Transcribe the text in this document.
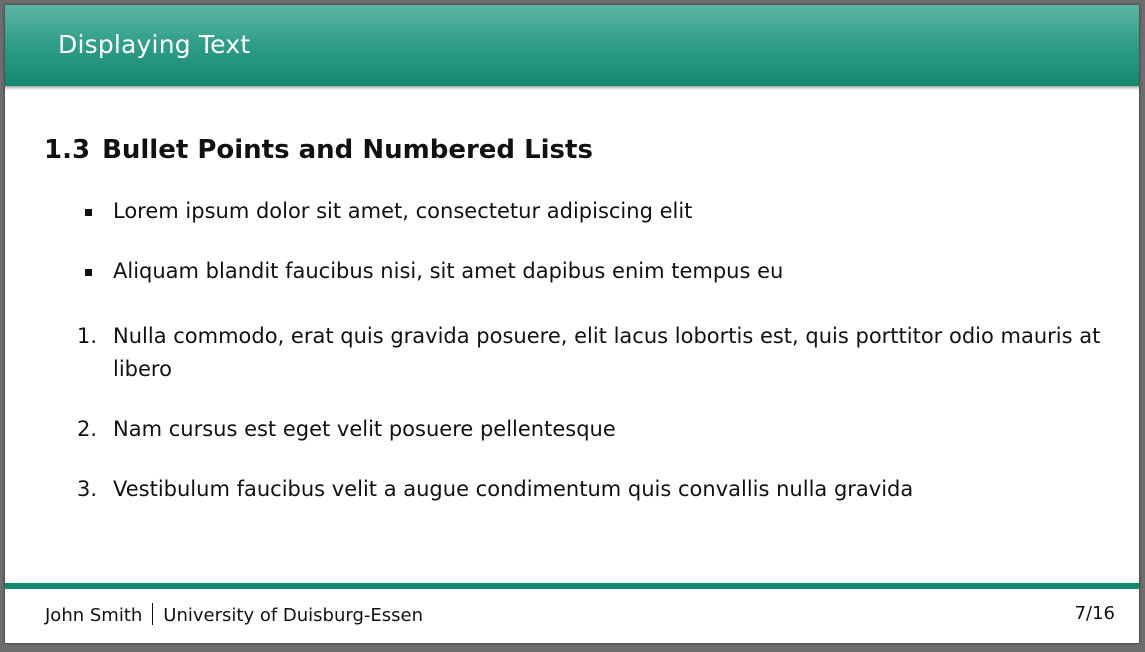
Displaying Text
1.3 Bullet Points and Numbered Lists
Lorem ipsum dolor sit amet, consectetur adipiscing elit
Aliquam blandit faucibus nisi, sit amet dapibus enim tempus eu
1. Nulla commodo, erat quis gravida posuere, elit lacus lobortis est, quis porttitor odio mauris at libero
2. Nam cursus est eget velit posuere pellentesque
3. Vestibulum faucibus velit a augue condimentum quis convallis nulla gravida
John Smith University of Duisburg-Essen	7/16
